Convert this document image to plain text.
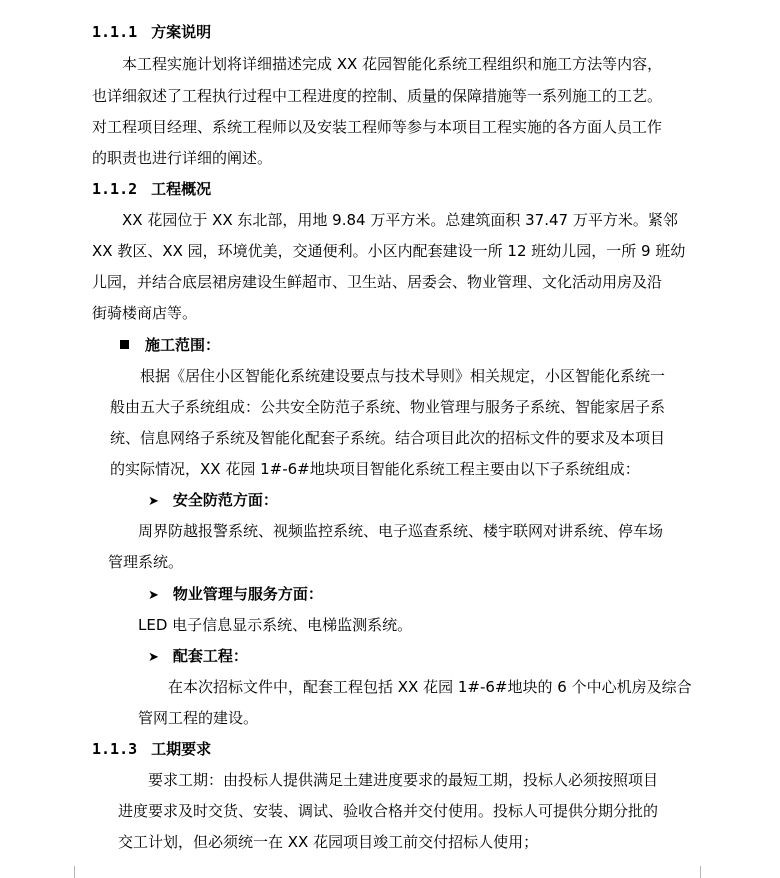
1.1.1 方案说明
本工程实施计划将详细描述完成 XX 花园智能化系统工程组织和施工方法等内容，
也详细叙述了工程执行过程中工程进度的控制、质量的保障措施等一系列施工的工艺。
对工程项目经理、系统工程师以及安装工程师等参与本项目工程实施的各方面人员工作
的职责也进行详细的阐述。
1.1.2 工程概况
XX 花园位于 XX 东北部，用地 9.84 万平方米。总建筑面积 37.47 万平方米。紧邻
XX 教区、XX 园，环境优美，交通便利。小区内配套建设一所 12 班幼儿园，一所 9 班幼
儿园，并结合底层裙房建设生鲜超市、卫生站、居委会、物业管理、文化活动用房及沿
街骑楼商店等。
施工范围：
根据《居住小区智能化系统建设要点与技术导则》相关规定，小区智能化系统一
般由五大子系统组成：公共安全防范子系统、物业管理与服务子系统、智能家居子系
统、信息网络子系统及智能化配套子系统。结合项目此次的招标文件的要求及本项目
的实际情况，XX 花园 1#-6#地块项目智能化系统工程主要由以下子系统组成：
➤ 安全防范方面：
周界防越报警系统、视频监控系统、电子巡查系统、楼宇联网对讲系统、停车场
管理系统。
➤ 物业管理与服务方面：
LED 电子信息显示系统、电梯监测系统。
➤ 配套工程：
在本次招标文件中，配套工程包括 XX 花园 1#-6#地块的 6 个中心机房及综合
管网工程的建设。
1.1.3 工期要求
要求工期：由投标人提供满足土建进度要求的最短工期，投标人必须按照项目
进度要求及时交货、安装、调试、验收合格并交付使用。投标人可提供分期分批的
交工计划，但必须统一在 XX 花园项目竣工前交付招标人使用；
